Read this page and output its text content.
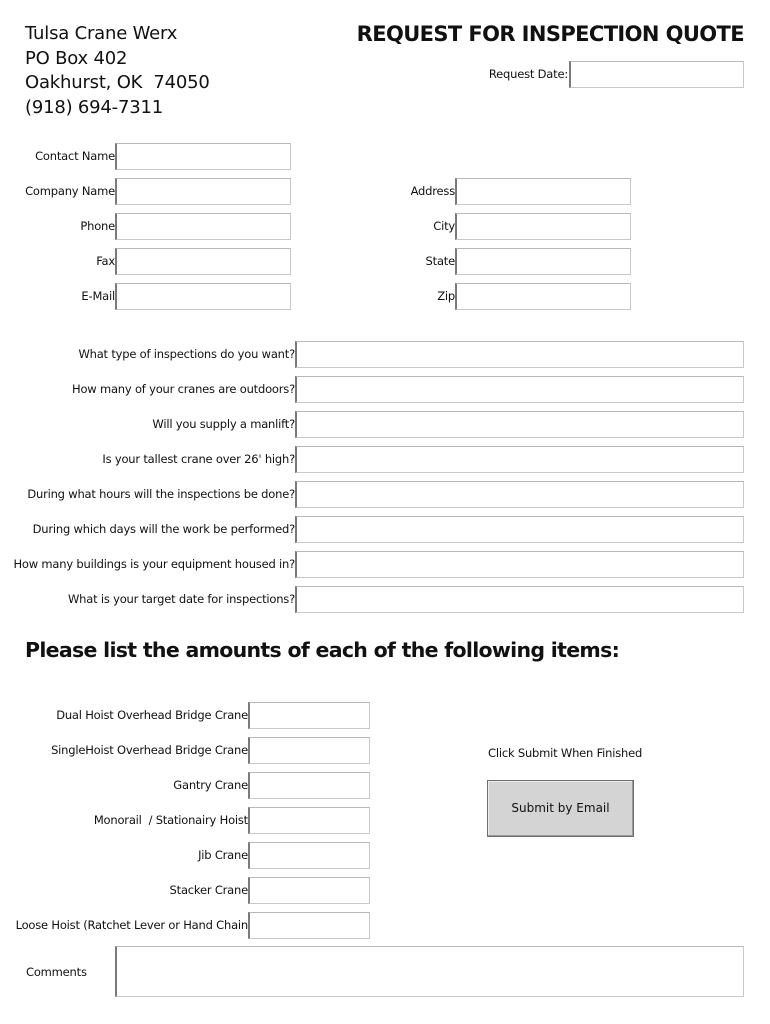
Tulsa Crane Werx
PO Box 402
Oakhurst, OK  74050
(918) 694-7311
REQUEST FOR INSPECTION QUOTE
Request Date:
Contact Name
Company Name
Phone
Fax
E-Mail
Address
City
State
Zip
What type of inspections do you want?
How many of your cranes are outdoors?
Will you supply a manlift?
Is your tallest crane over 26' high?
During what hours will the inspections be done?
During which days will the work be performed?
How many buildings is your equipment housed in?
What is your target date for inspections?
Please list the amounts of each of the following items:
Dual Hoist Overhead Bridge Crane
SingleHoist Overhead Bridge Crane
Gantry Crane
Monorail  / Stationairy Hoist
Jib Crane
Stacker Crane
Loose Hoist (Ratchet Lever or Hand Chain
Click Submit When Finished
Submit by Email
Comments
